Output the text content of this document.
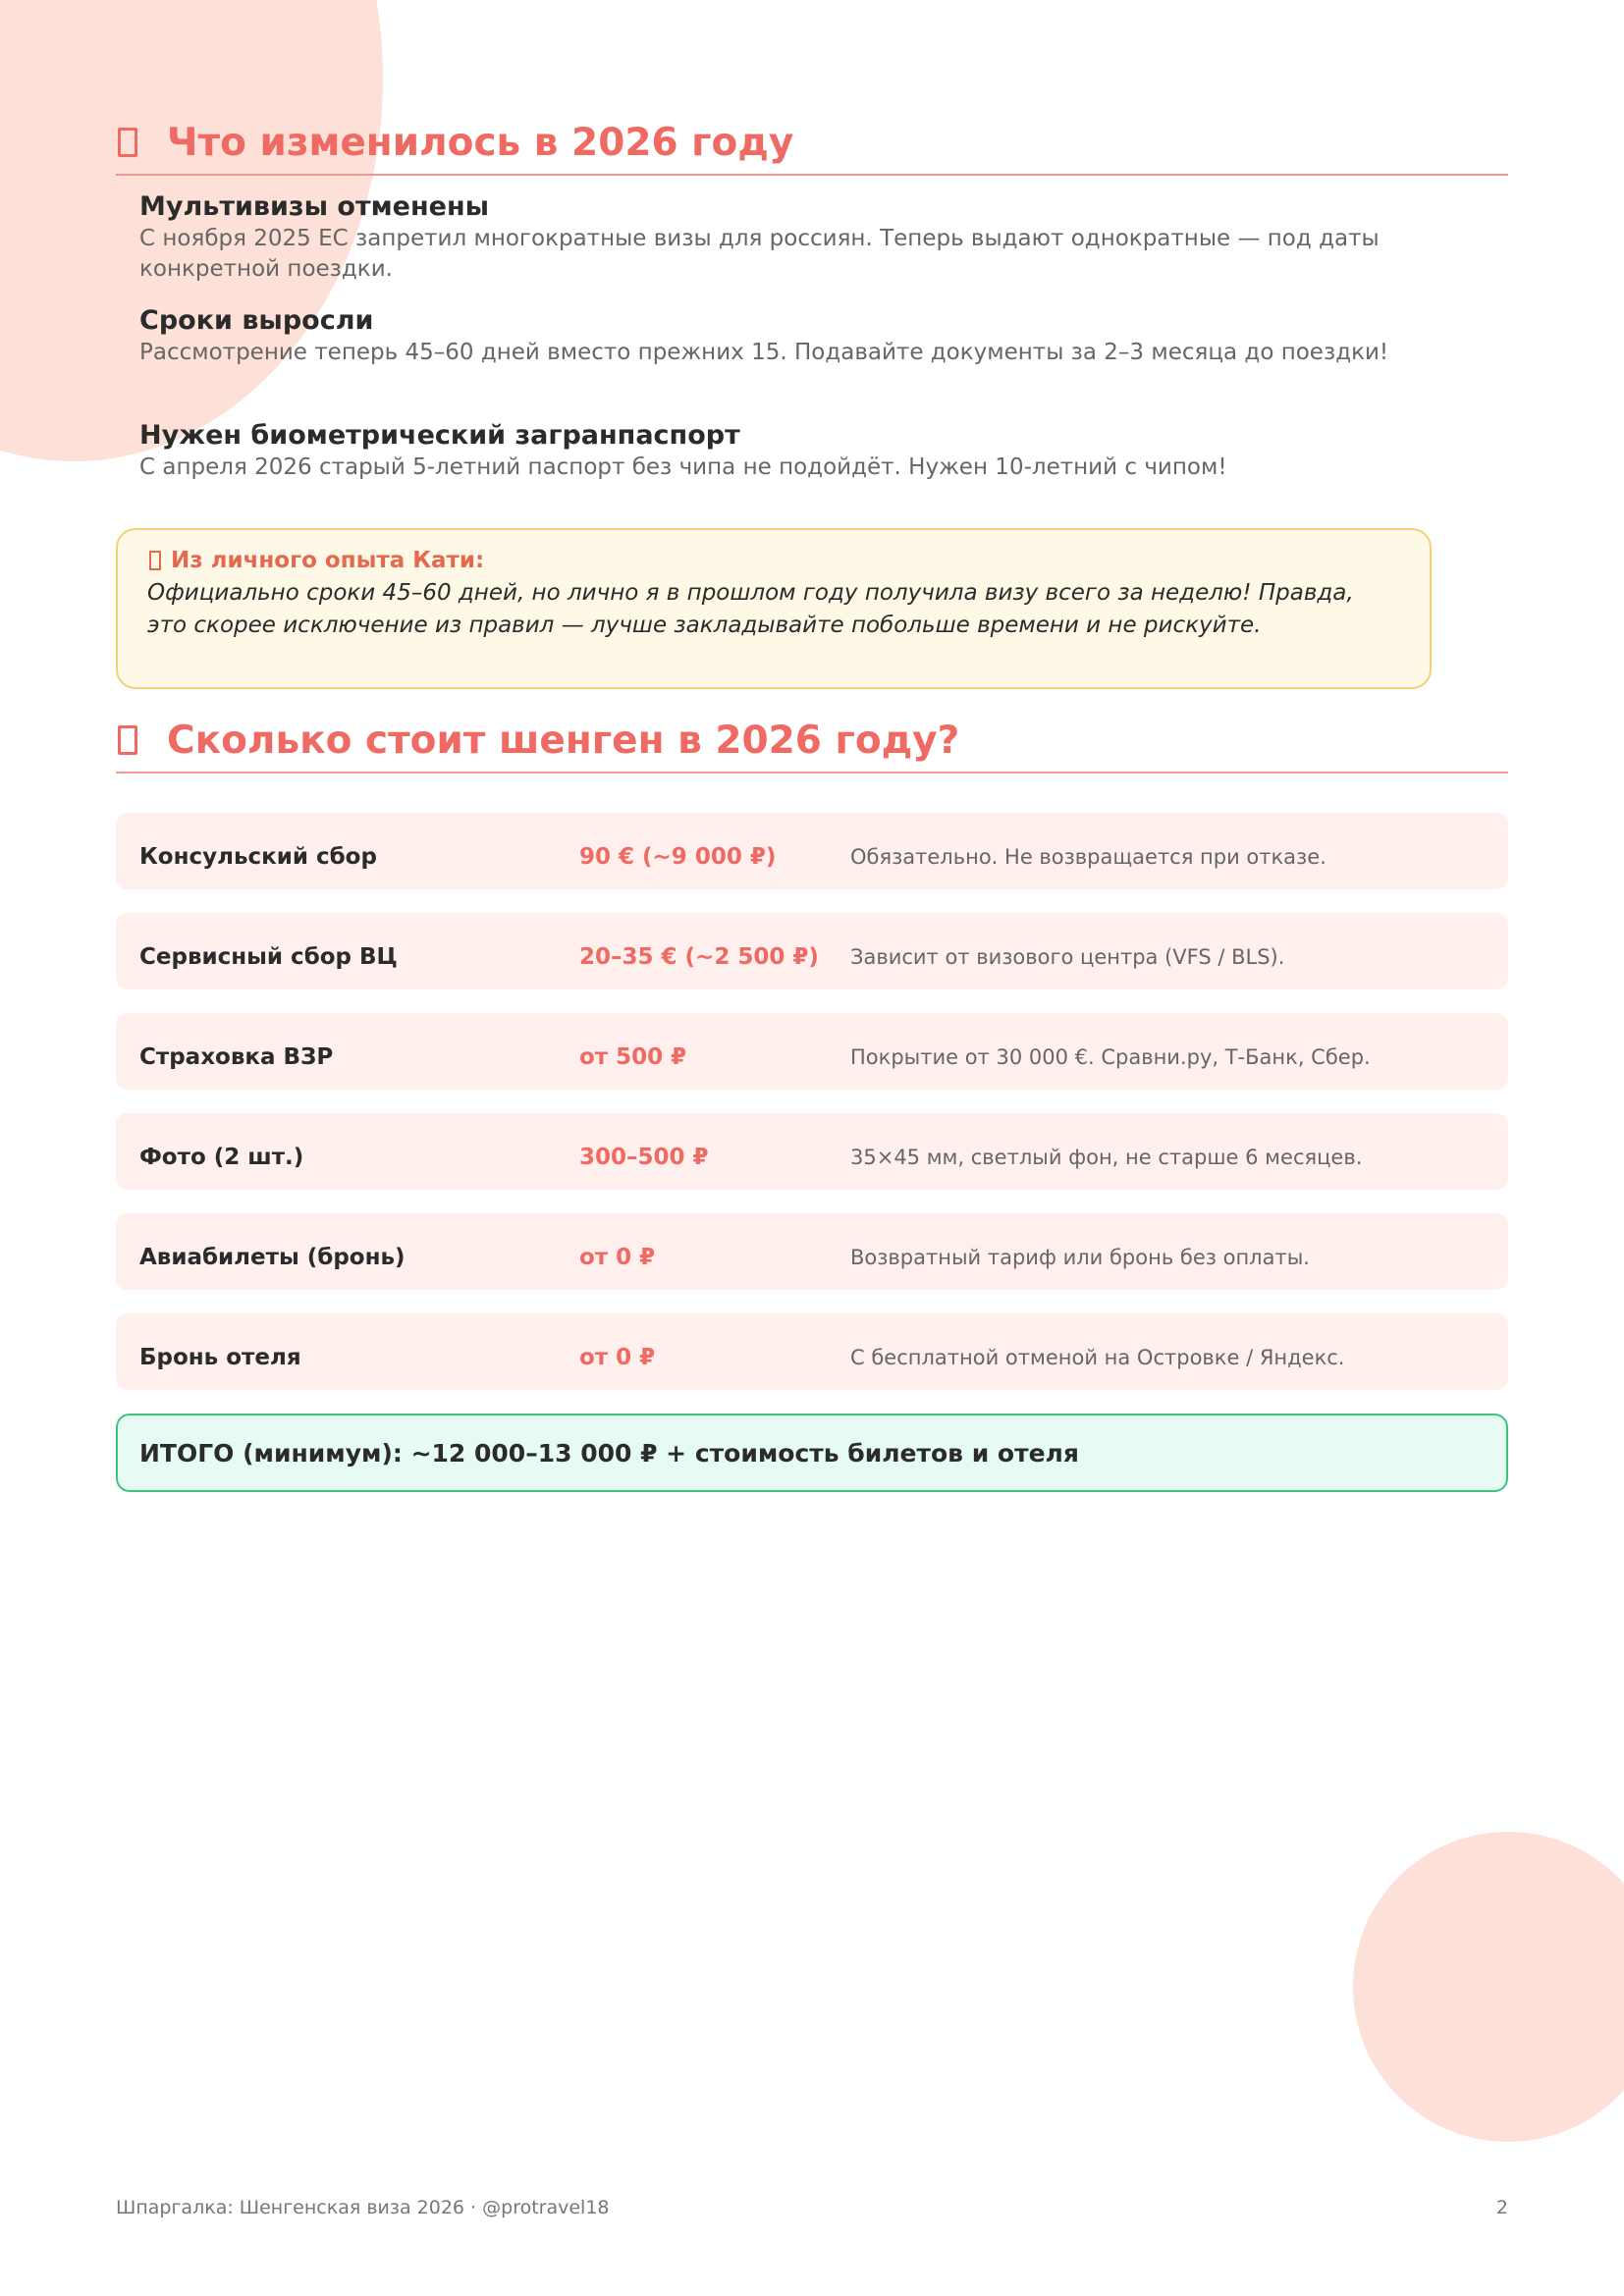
Что изменилось в 2026 году
Мультивизы отменены

С ноября 2025 ЕС запретил многократные визы для россиян. Теперь выдают однократные — под даты конкретной поездки.

Сроки выросли

Рассмотрение теперь 45–60 дней вместо прежних 15. Подавайте документы за 2–3 месяца до поездки!

Нужен биометрический загранпаспорт

С апреля 2026 старый 5-летний паспорт без чипа не подойдёт. Нужен 10-летний с чипом!

Из личного опыта Кати:
Официально сроки 45–60 дней, но лично я в прошлом году получила визу всего за неделю! Правда, это скорее исключение из правил — лучше закладывайте побольше времени и не рискуйте.
Сколько стоит шенген в 2026 году?
Консульский сбор	90 € (~9 000 ₽)	Обязательно. Не возвращается при отказе.
Сервисный сбор ВЦ	20–35 € (~2 500 ₽) Зависит от визового центра (VFS / BLS).
Страховка ВЗР	от 500 ₽	Покрытие от 30 000 €. Сравни.ру, Т-Банк, Сбер.
Фото (2 шт.)	300–500 ₽	35×45 мм, светлый фон, не старше 6 месяцев.
Авиабилеты (бронь)	от 0 ₽	Возвратный тариф или бронь без оплаты.
Бронь отеля	от 0 ₽	С бесплатной отменой на Островке / Яндекс.
ИТОГО (минимум): ~12 000–13 000 ₽ + стоимость билетов и отеля
Шпаргалка: Шенгенская виза 2026 · @protravel18	2
